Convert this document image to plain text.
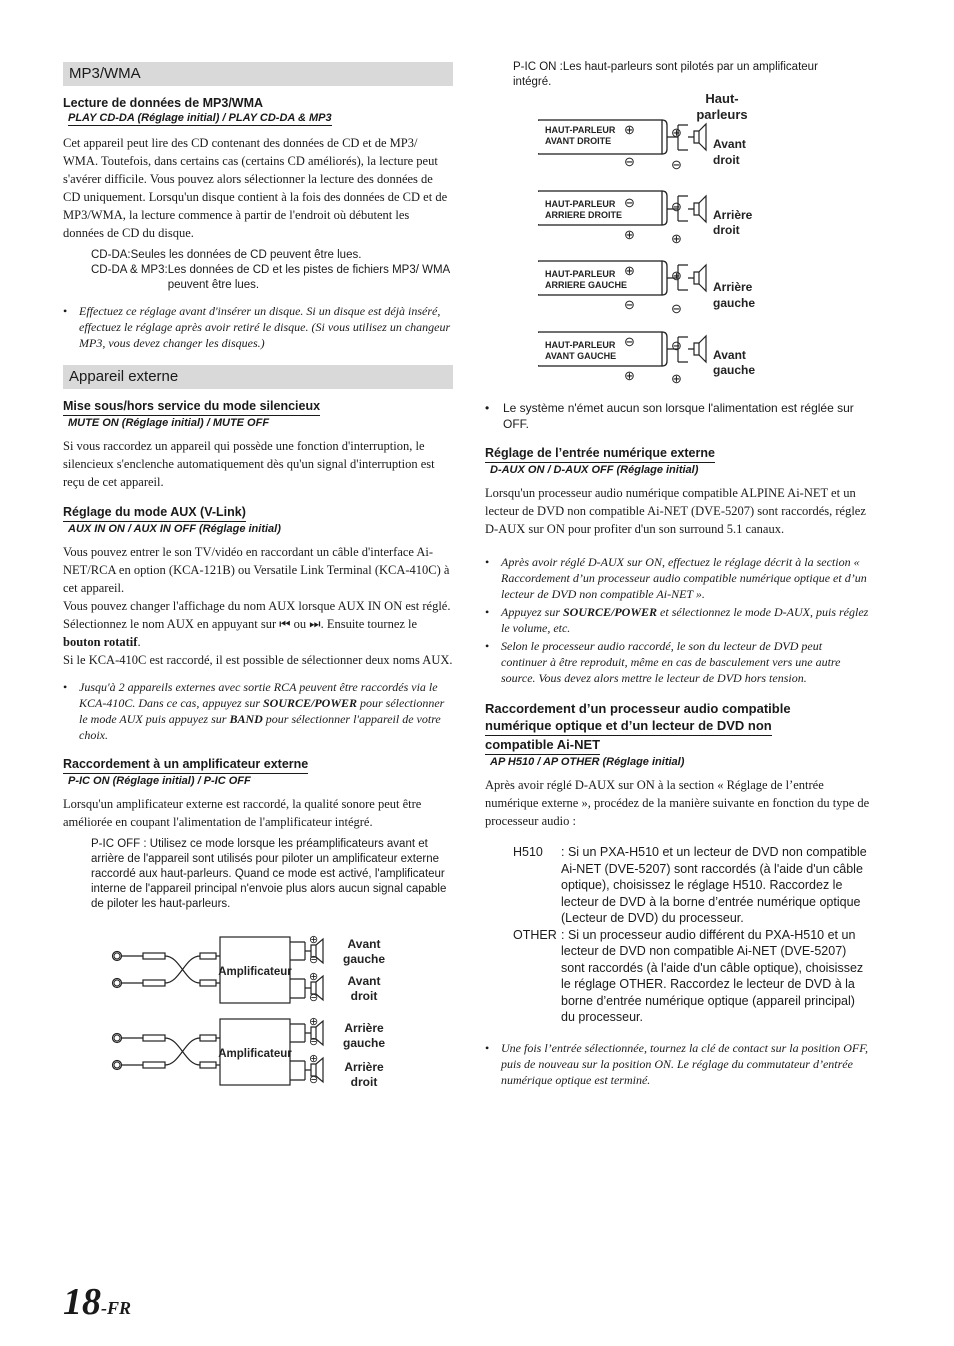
MP3/WMA

Lecture de données de MP3/WMA

PLAY CD-DA (Réglage initial) / PLAY CD-DA & MP3

Cet appareil peut lire des CD contenant des données de CD et de MP3/ WMA. Toutefois, dans certains cas (certains CD améliorés), la lecture peut s'avérer difficile. Vous pouvez alors sélectionner la lecture des données de CD uniquement. Lorsqu'un disque contient à la fois des données de CD et de MP3/WMA, la lecture commence à partir de l'endroit où débutent les données de CD du disque.

CD-DA : Seules les données de CD peuvent être lues.
CD-DA & MP3 : Les données de CD et les pistes de fichiers MP3/ WMA peuvent être lues.

• Effectuez ce réglage avant d'insérer un disque. Si un disque est déjà inséré, effectuez le réglage après avoir retiré le disque. (Si vous utilisez un changeur MP3, vous devez changer les disques.)

Appareil externe

Mise sous/hors service du mode silencieux

MUTE ON (Réglage initial) / MUTE OFF

Si vous raccordez un appareil qui possède une fonction d'interruption, le silencieux s'enclenche automatiquement dès qu'un signal d'interruption est reçu de cet appareil.

Réglage du mode AUX (V-Link)

AUX IN ON / AUX IN OFF (Réglage initial)

Vous pouvez entrer le son TV/vidéo en raccordant un câble d'interface Ai-NET/RCA en option (KCA-121B) ou Versatile Link Terminal (KCA-410C) à cet appareil.

Vous pouvez changer l'affichage du nom AUX lorsque AUX IN ON est réglé. Sélectionnez le nom AUX en appuyant sur ⏮ ou ⏭. Ensuite tournez le bouton rotatif.

Si le KCA-410C est raccordé, il est possible de sélectionner deux noms AUX.

• Jusqu'à 2 appareils externes avec sortie RCA peuvent être raccordés via le KCA-410C. Dans ce cas, appuyez sur SOURCE/POWER pour sélectionner le mode AUX puis appuyez sur BAND pour sélectionner l'appareil de votre choix.

Raccordement à un amplificateur externe

P-IC ON (Réglage initial) / P-IC OFF

Lorsqu'un amplificateur externe est raccordé, la qualité sonore peut être améliorée en coupant l'alimentation de l'amplificateur intégré.

P-IC OFF : Utilisez ce mode lorsque les préamplificateurs avant et arrière de l'appareil sont utilisés pour piloter un amplificateur externe raccordé aux haut-parleurs. Quand ce mode est activé, l'amplificateur interne de l'appareil principal n'envoie plus alors aucun signal capable de piloter les haut-parleurs.

⊕
⊖
⊕
⊖
⊕
⊖
⊕
⊖
Amplificateur
Amplificateur
Avant
gauche
Avant
droit
Arrière
gauche
Arrière
droit

P-IC ON :Les haut-parleurs sont pilotés par un amplificateur intégré.

Haut-
parleurs
⊕
⊖
⊕
⊖
⊖
⊕
⊖
⊕
⊕
⊖
⊕
⊖
⊖
⊕
⊖
⊕
HAUT-PARLEUR
AVANT DROITE
HAUT-PARLEUR
ARRIERE DROITE
HAUT-PARLEUR
ARRIERE GAUCHE
HAUT-PARLEUR
AVANT GAUCHE
Avant
droit
Arrière
droit
Arrière
gauche
Avant
gauche

• Le système n'émet aucun son lorsque l'alimentation est réglée sur OFF.

Réglage de l’entrée numérique externe

D-AUX ON / D-AUX OFF (Réglage initial)

Lorsqu'un processeur audio numérique compatible ALPINE Ai-NET et un lecteur de DVD non compatible Ai-NET (DVE-5207) sont raccordés, réglez D-AUX sur ON pour profiter d'un son surround 5.1 canaux.

• Après avoir réglé D-AUX sur ON, effectuez le réglage décrit à la section « Raccordement d’un processeur audio compatible numérique optique et d’un lecteur de DVD non compatible Ai-NET ».

• Appuyez sur SOURCE/POWER et sélectionnez le mode D-AUX, puis réglez le volume, etc.

• Selon le processeur audio raccordé, le son du lecteur de DVD peut continuer à être reproduit, même en cas de basculement vers une autre source. Vous devez alors mettre le lecteur de DVD hors tension.

Raccordement d’un processeur audio compatible
numérique optique et d’un lecteur de DVD non
compatible Ai-NET

AP H510 / AP OTHER (Réglage initial)

Après avoir réglé D-AUX sur ON à la section « Réglage de l’entrée numérique externe », procédez de la manière suivante en fonction du type de processeur audio :

H510	: Si un PXA-H510 et un lecteur de DVD non compatible Ai-NET (DVE-5207) sont raccordés (à l'aide d'un câble optique), choisissez le réglage H510. Raccordez le lecteur de DVD à la borne d’entrée numérique optique (Lecteur de DVD) du processeur.
OTHER : Si un processeur audio différent du PXA-H510 et un lecteur de DVD non compatible Ai-NET (DVE-5207) sont raccordés (à l'aide d'un câble optique), choisissez le réglage OTHER. Raccordez le lecteur de DVD à la borne d’entrée numérique optique (appareil principal) du processeur.

• Une fois l’entrée sélectionnée, tournez la clé de contact sur la position OFF, puis de nouveau sur la position ON. Le réglage du commutateur d’entrée numérique optique est terminé.

18-FR
